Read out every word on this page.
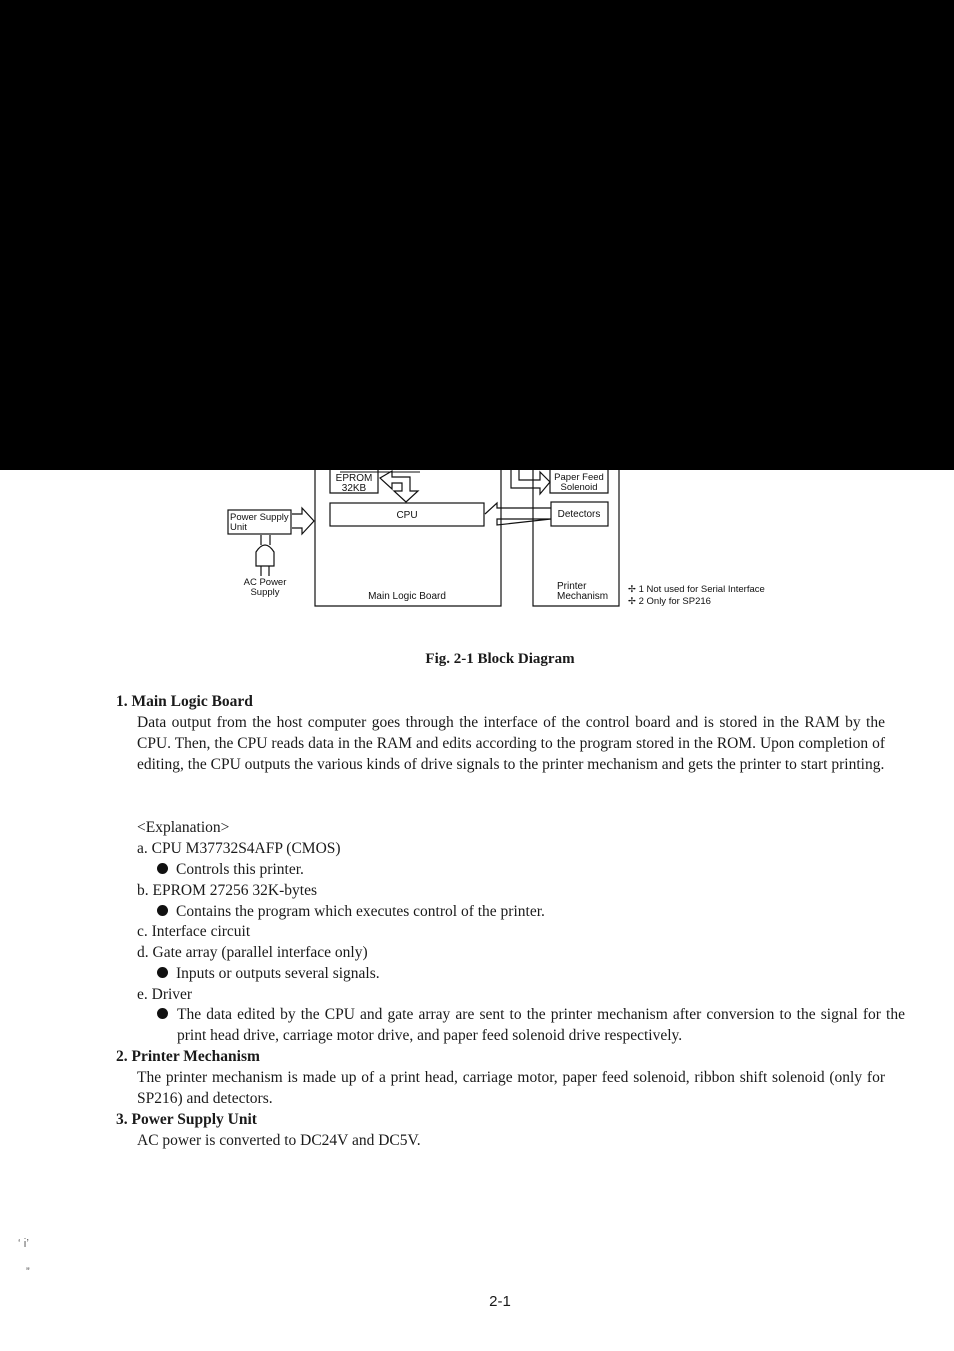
EPROM
32KB
CPU
Paper Feed
Solenoid
Detectors
Power Supply
Unit
AC Power
Supply	Main Logic Board
Printer
Mechanism
✢ 1 Not used for Serial Interface
✢ 2 Only for SP216
Fig. 2-1 Block Diagram
1. Main Logic Board
Data output from the host computer goes through the interface of the control board and is stored in the RAM by the CPU. Then, the CPU reads data in the RAM and edits according to the program stored in the ROM. Upon completion of editing, the CPU outputs the various kinds of drive signals to the printer mechanism and gets the printer to start printing.
<Explanation>
a. CPU M37732S4AFP (CMOS)
Controls this printer.
b. EPROM 27256 32K-bytes
Contains the program which executes control of the printer.
c. Interface circuit
d. Gate array (parallel interface only)
Inputs or outputs several signals.
e. Driver
The data edited by the CPU and gate array are sent to the printer mechanism after conversion to the signal for the print head drive, carriage motor drive, and paper feed solenoid drive respectively.
2. Printer Mechanism
The printer mechanism is made up of a print head, carriage motor, paper feed solenoid, ribbon shift solenoid (only for SP216) and detectors.
3. Power Supply Unit
AC power is converted to DC24V and DC5V.
ʻ ı̇ʼ
”
2-1
